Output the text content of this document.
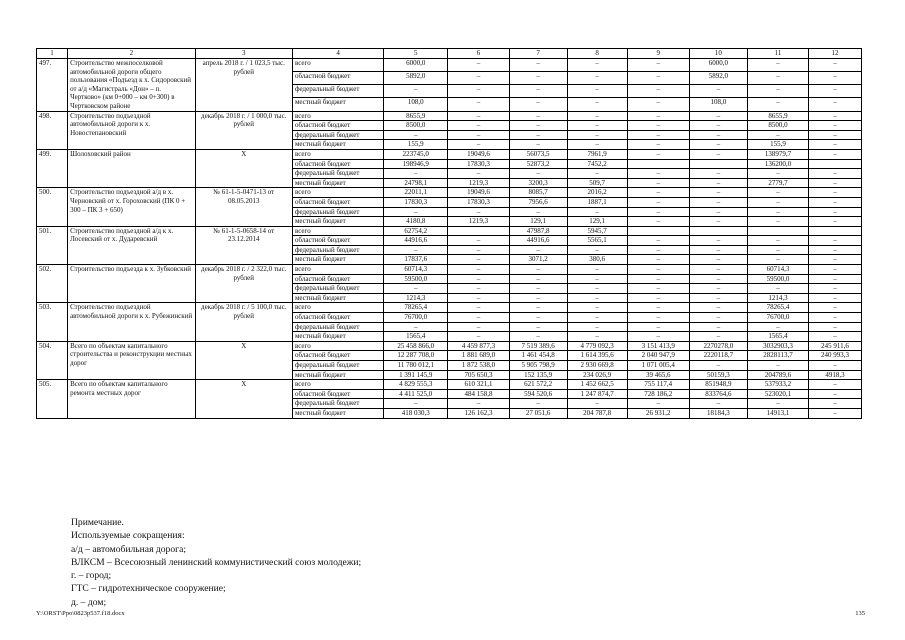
1	2	3	4	5	6	7	8	9	10	11	12
497.	Строительство межпоселковой автомобильной дороги общего пользования «Подъезд к х. Сидоровский от а/д «Магистраль «Дон» – п. Чертково» (км 0+000 – км 0+300) в Чертковском районе	апрель 2018 г. / 1 023,5 тыс. рублей	всего	6000,0	–	–	–	–	6000,0	–	–
			областной бюджет	5892,0	–	–	–	–	5892,0	–	–
			федеральный бюджет	–	–	–	–	–	–	–	–
			местный бюджет	108,0	–	–	–	–	108,0	–	–
498.	Строительство подъездной автомобильной дороги к х. Новостепановский	декабрь 2018 г. / 1 000,0 тыс. рублей	всего	8655,9	–	–	–	–	–	8655,9	–
			областной бюджет	8500,0	–	–	–	–	–	8500,0	–
			федеральный бюджет	–	–	–	–	–	–	–	–
			местный бюджет	155,9	–	–	–	–	–	155,9	–
499.	Шолоховский район	X	всего	223745,0	19049,6	56073,5	7961,9	–	–	138979,7	–
			областной бюджет	198946,9	17830,3	52873,2	7452,2			136200,0	
			федеральный бюджет	–	–	–	–	–	–	–	–
			местный бюджет	24798,1	1219,3	3200,3	509,7	–	–	2779,7	–
500.	Строительство подъездной а/д в х. Черновский от х. Гороховский (ПК 0 + 300 – ПК 3 + 650)	№ 61-1-5-0471-13 от 08.05.2013	всего	22011,1	19049,6	8085,7	2016,2	–	–	–	–
			областной бюджет	17830,3	17830,3	7956,6	1887,1	–	–	–	–
			федеральный бюджет	–	–	–	–	–	–	–	–
			местный бюджет	4180,8	1219,3	129,1	129,1	–	–	–	–
501.	Строительство подъездной а/д к х. Лосевский от х. Дударевский	№ 61-1-5-0658-14 от 23.12.2014	всего	62754,2		47987,8	5945,7				
			областной бюджет	44916,6	–	44916,6	5565,1	–	–	–	–
			федеральный бюджет	–	–	–	–	–	–	–	–
			местный бюджет	17837,6	–	3071,2	380,6	–	–	–	–
502.	Строительство подъезда к х. Зубковский	декабрь 2018 г. / 2 322,0 тыс. рублей	всего	60714,3	–	–	–	–	–	60714,3	–
			областной бюджет	59500,0	–	–	–	–	–	59500,0	–
			федеральный бюджет	–	–	–	–	–	–	–	–
			местный бюджет	1214,3	–	–	–	–	–	1214,3	–
503.	Строительство подъездной автомобильной дороги к х. Рубежинский	декабрь 2018 г. / 5 100,0 тыс. рублей	всего	78265,4	–	–	–	–	–	78265,4	–
			областной бюджет	76700,0	–	–	–	–	–	76700,0	–
			федеральный бюджет	–	–	–	–	–	–	–	–
			местный бюджет	1565,4	–	–	–	–	–	1565,4	–
504.	Всего по объектам капитального строительства и реконструкции местных дорог	X	всего	25 458 866,0	4 459 877,3	7 519 389,6	4 779 092,3	3 151 413,9	2270278,0	3032903,3	245 911,6
			областной бюджет	12 287 708,0	1 881 689,0	1 461 454,8	1 614 395,6	2 040 947,9	2220118,7	2828113,7	240 993,3
			федеральный бюджет	11 780 012,1	1 872 538,0	5 905 798,9	2 930 669,8	1 071 005,4	–	–	–
			местный бюджет	1 391 145,9	705 650,3	152 135,9	234 026,9	39 465,6	50159,3	204789,6	4918,3
505.	Всего по объектам капитального ремонта местных дорог	X	всего	4 829 555,3	610 321,1	621 572,2	1 452 662,5	755 117,4	851948,9	537933,2	–
			областной бюджет	4 411 525,0	484 158,8	594 520,6	1 247 874,7	728 186,2	833764,6	523020,1	–
			федеральный бюджет	–	–	–	–	–	–	–	–
			местный бюджет	418 030,3	126 162,3	27 051,6	204 787,8	26 931,2	18184,3	14913,1	–
Примечание.
Используемые сокращения:
а/д – автомобильная дорога;
ВЛКСМ – Всесоюзный ленинский коммунистический союз молодежи;
г. – город;
ГТС – гидротехническое сооружение;
д. – дом;
Y:\ORST\Ppo\0823p537.f18.docx	135
